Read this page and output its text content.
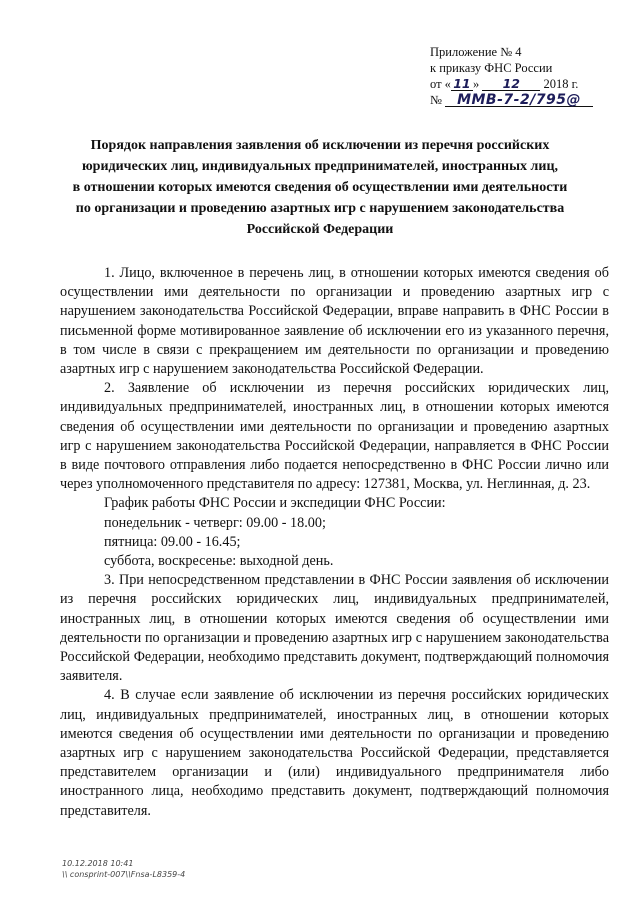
Приложение № 4
к приказу ФНС России
от « 11 » 12 2018 г.
№ ММВ-7-2/795@
Порядок направления заявления об исключении из перечня российских
юридических лиц, индивидуальных предпринимателей, иностранных лиц,
в отношении которых имеются сведения об осуществлении ими деятельности
по организации и проведению азартных игр с нарушением законодательства
Российской Федерации

1. Лицо, включенное в перечень лиц, в отношении которых имеются сведения об осуществлении ими деятельности по организации и проведению азартных игр с нарушением законодательства Российской Федерации, вправе направить в ФНС России в письменной форме мотивированное заявление об исключении его из указанного перечня, в том числе в связи с прекращением им деятельности по организации и проведению азартных игр с нарушением законодательства Российской Федерации.

2. Заявление об исключении из перечня российских юридических лиц, индивидуальных предпринимателей, иностранных лиц, в отношении которых имеются сведения об осуществлении ими деятельности по организации и проведению азартных игр с нарушением законодательства Российской Федерации, направляется в ФНС России в виде почтового отправления либо подается непосредственно в ФНС России лично или через уполномоченного представителя по адресу: 127381, Москва, ул. Неглинная, д. 23.

График работы ФНС России и экспедиции ФНС России:

понедельник - четверг: 09.00 - 18.00;

пятница: 09.00 - 16.45;

суббота, воскресенье: выходной день.

3. При непосредственном представлении в ФНС России заявления об исключении из перечня российских юридических лиц, индивидуальных предпринимателей, иностранных лиц, в отношении которых имеются сведения об осуществлении ими деятельности по организации и проведению азартных игр с нарушением законодательства Российской Федерации, необходимо представить документ, подтверждающий полномочия заявителя.

4. В случае если заявление об исключении из перечня российских юридических лиц, индивидуальных предпринимателей, иностранных лиц, в отношении которых имеются сведения об осуществлении ими деятельности по организации и проведению азартных игр с нарушением законодательства Российской Федерации, представляется представителем организации и (или) индивидуального предпринимателя либо иностранного лица, необходимо представить документ, подтверждающий полномочия представителя.

10.12.2018 10:41
\\ consprint-007\\Fnsa-L8359-4
